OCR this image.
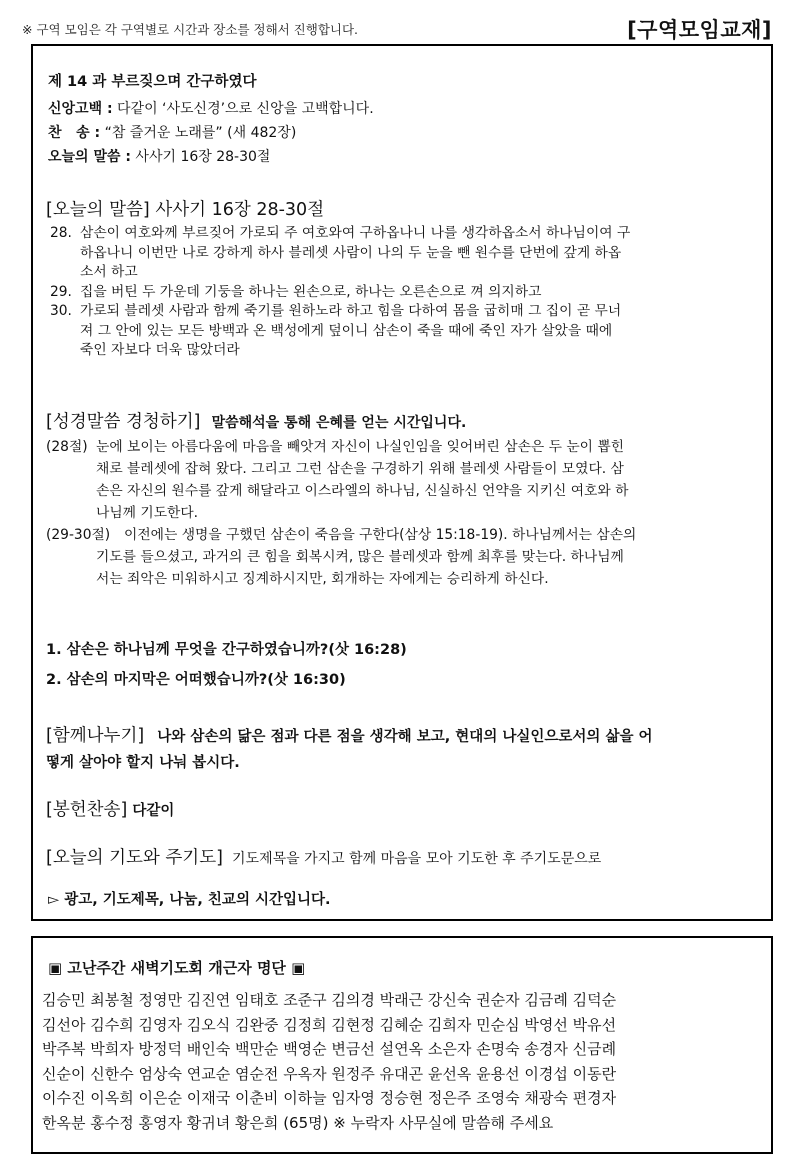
※ 구역 모임은 각 구역별로 시간과 장소를 정해서 진행합니다.	[구역모임교재]
제 14 과 부르짖으며 간구하였다
신앙고백 : 다같이 ‘사도신경’으로 신앙을 고백합니다.
찬   송 : “참 즐거운 노래를” (새 482장)
오늘의 말씀 : 사사기 16장 28-30절
[오늘의 말씀] 사사기 16장 28-30절
28. 삼손이 여호와께 부르짖어 가로되 주 여호와여 구하옵나니 나를 생각하옵소서 하나님이여 구
하옵나니 이번만 나로 강하게 하사 블레셋 사람이 나의 두 눈을 뺀 원수를 단번에 갚게 하옵
소서 하고
29. 집을 버틴 두 가운데 기둥을 하나는 왼손으로, 하나는 오른손으로 껴 의지하고
30. 가로되 블레셋 사람과 함께 죽기를 원하노라 하고 힘을 다하여 몸을 굽히매 그 집이 곧 무너
져 그 안에 있는 모든 방백과 온 백성에게 덮이니 삼손이 죽을 때에 죽인 자가 살았을 때에
죽인 자보다 더욱 많았더라
[성경말씀 경청하기] 말씀해석을 통해 은혜를 얻는 시간입니다.
(28절) 눈에 보이는 아름다움에 마음을 빼앗겨 자신이 나실인임을 잊어버린 삼손은 두 눈이 뽑힌
채로 블레셋에 잡혀 왔다. 그리고 그런 삼손을 구경하기 위해 블레셋 사람들이 모였다. 삼
손은 자신의 원수를 갚게 해달라고 이스라엘의 하나님, 신실하신 언약을 지키신 여호와 하
나님께 기도한다.
(29-30절)	이전에는 생명을 구했던 삼손이 죽음을 구한다(삼상 15:18-19). 하나님께서는 삼손의
기도를 들으셨고, 과거의 큰 힘을 회복시켜, 많은 블레셋과 함께 최후를 맞는다. 하나님께
서는 죄악은 미워하시고 징계하시지만, 회개하는 자에게는 승리하게 하신다.
1. 삼손은 하나님께 무엇을 간구하였습니까?(삿 16:28)
2. 삼손의 마지막은 어떠했습니까?(삿 16:30)
[함께나누기] 나와 삼손의 닮은 점과 다른 점을 생각해 보고, 현대의 나실인으로서의 삶을 어
떻게 살아야 할지 나눠 봅시다.
[봉헌찬송] 다같이
[오늘의 기도와 주기도] 기도제목을 가지고 함께 마음을 모아 기도한 후 주기도문으로
▻ 광고, 기도제목, 나눔, 친교의 시간입니다.
▣ 고난주간 새벽기도회 개근자 명단 ▣
김승민 최봉철 정영만 김진연 임태호 조준구 김의경 박래근 강신숙 권순자 김금례 김덕순
김선아 김수희 김영자 김오식 김완중 김정희 김현정 김혜순 김희자 민순심 박영선 박유선
박주복 박희자 방정덕 배인숙 백만순 백영순 변금선 설연옥 소은자 손명숙 송경자 신금례
신순이 신한수 엄상숙 연교순 염순전 우옥자 원정주 유대곤 윤선옥 윤용선 이경섭 이동란
이수진 이옥희 이은순 이재국 이춘비 이하늘 임자영 정승현 정은주 조영숙 채광숙 편경자
한옥분 홍수정 홍영자 황귀녀 황은희 (65명) ※ 누락자 사무실에 말씀해 주세요
